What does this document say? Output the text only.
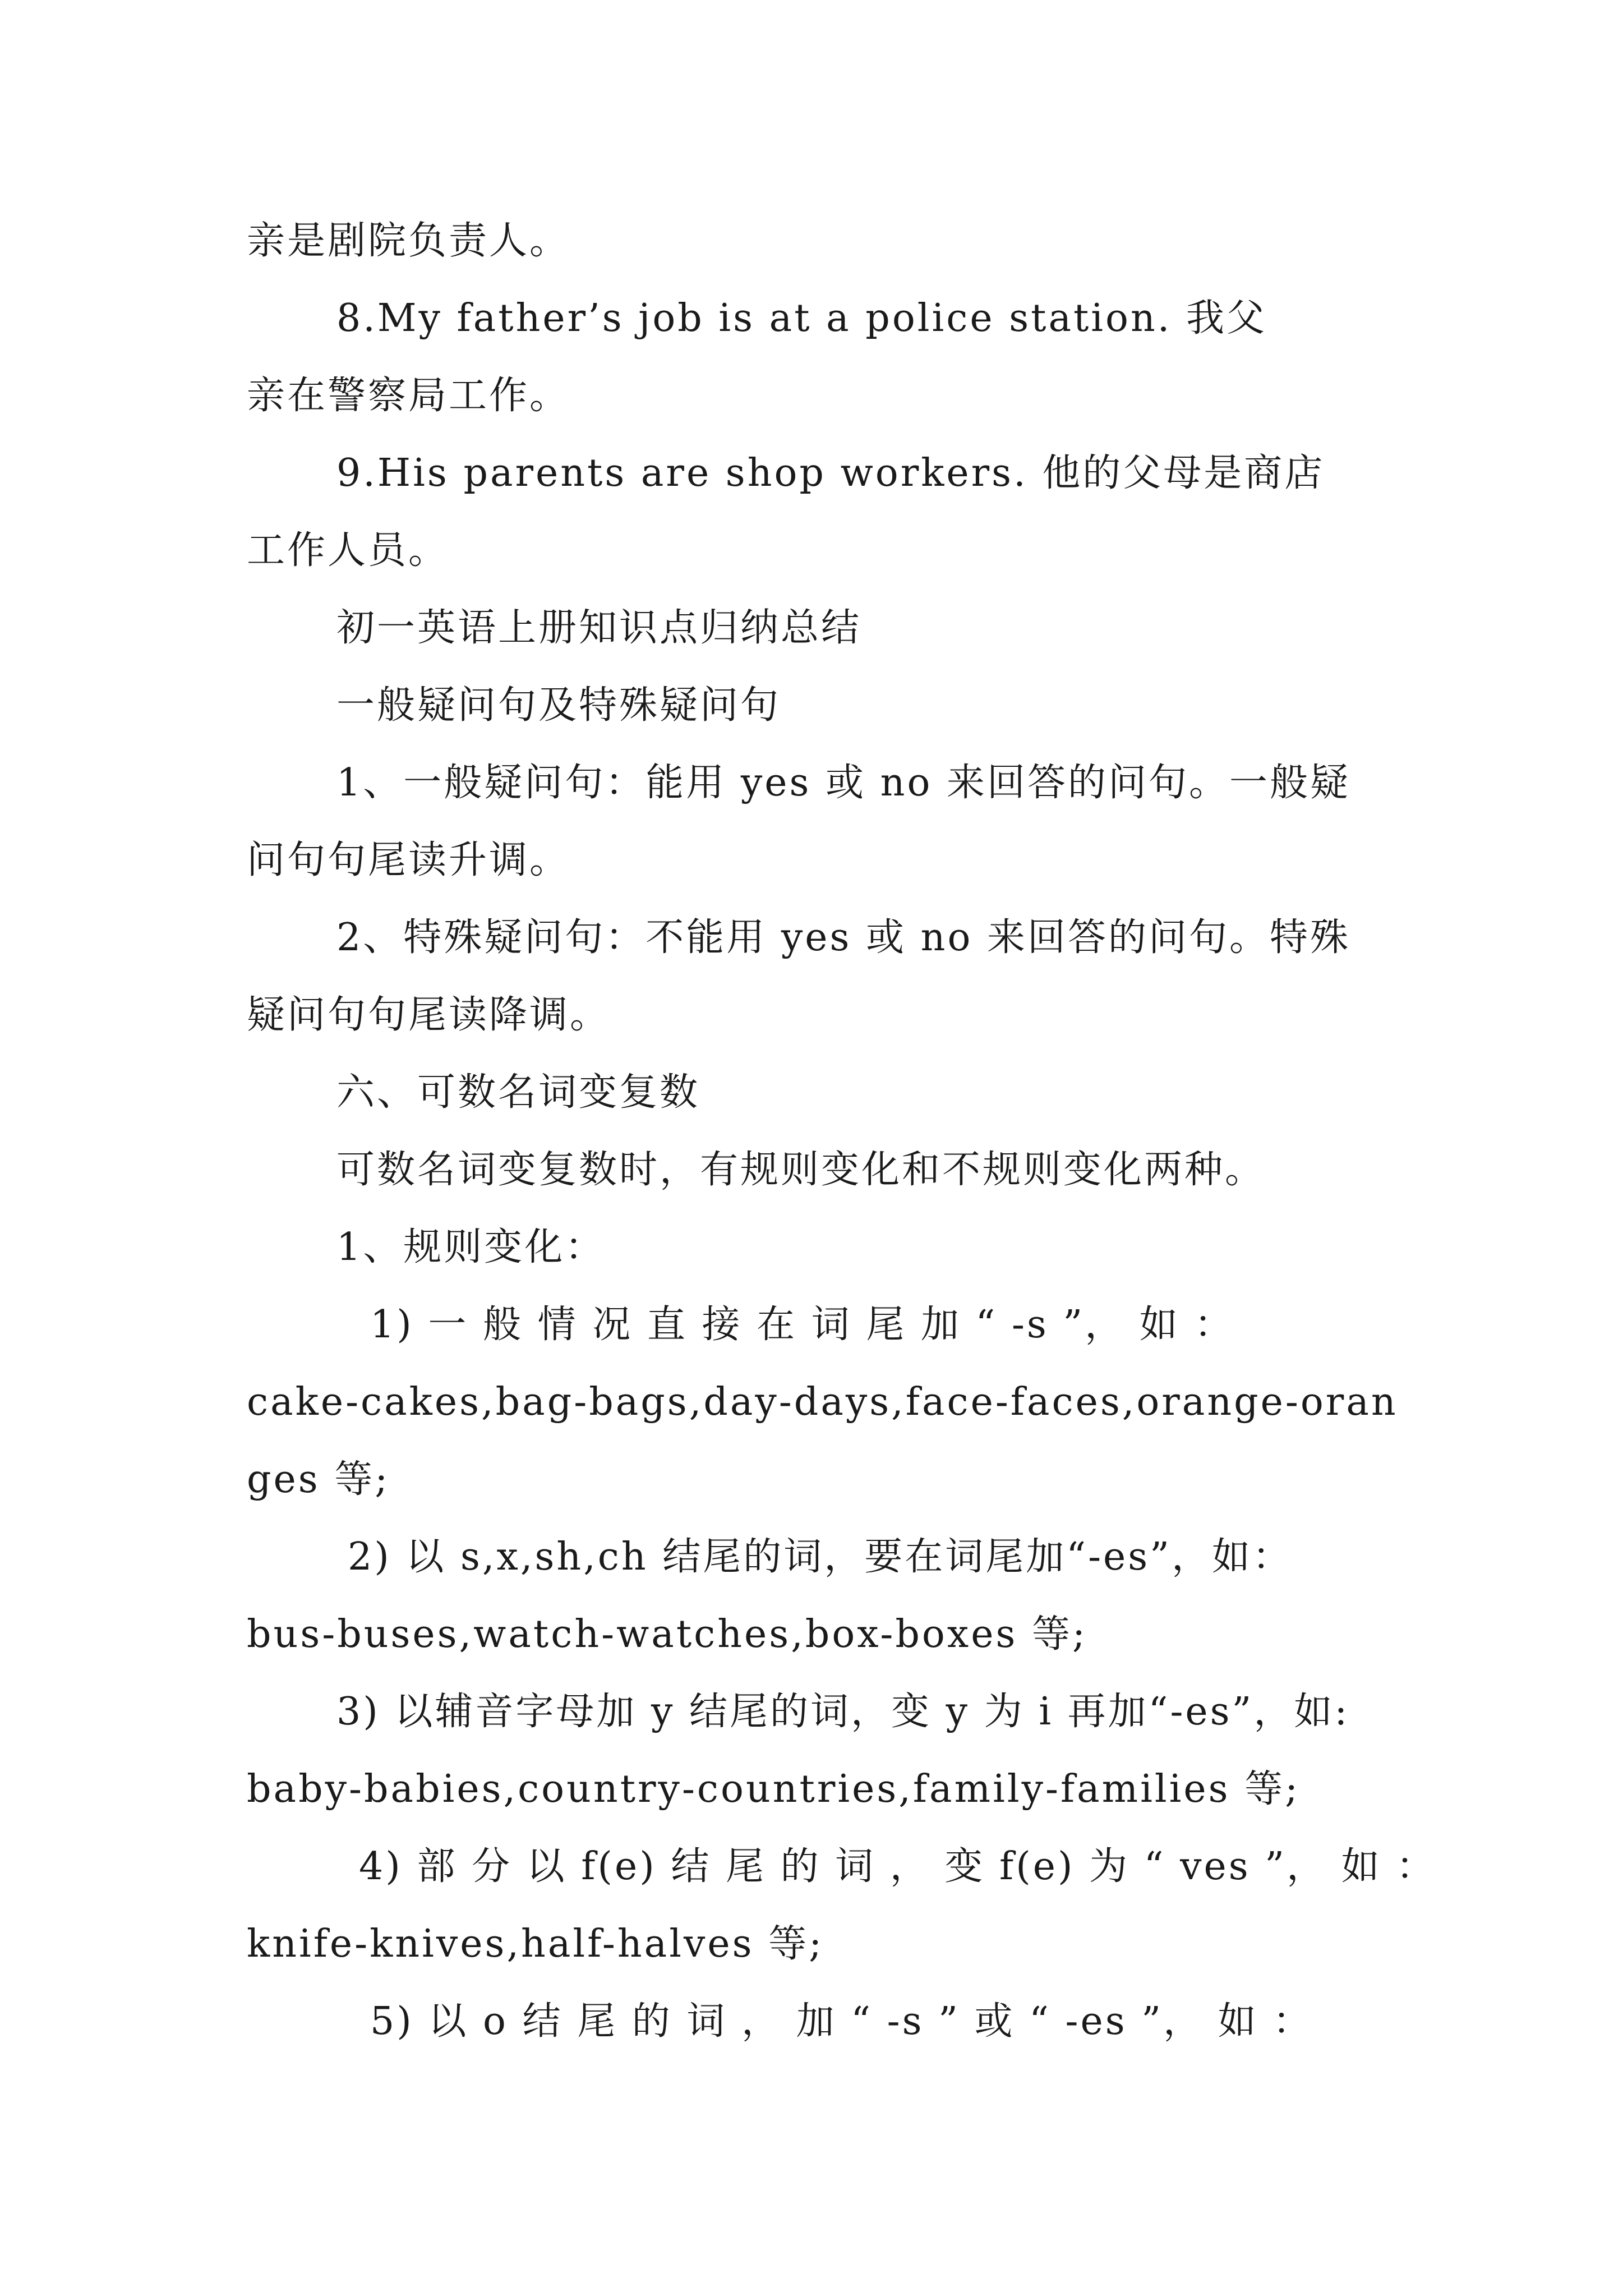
亲是剧院负责人。
8.My father’s job is at a police station. 我父
亲在警察局工作。
9.His parents are shop workers. 他的父母是商店
工作人员。
初一英语上册知识点归纳总结
一般疑问句及特殊疑问句
1、一般疑问句：能用 yes 或 no 来回答的问句。一般疑
问句句尾读升调。
2、特殊疑问句：不能用 yes 或 no 来回答的问句。特殊
疑问句句尾读降调。
六、可数名词变复数
可数名词变复数时，有规则变化和不规则变化两种。
1、规则变化：
1) 一 般 情 况 直 接 在 词 尾 加 “ -s ”， 如 ：
cake-cakes,bag-bags,day-days,face-faces,orange-oran
ges 等;
2) 以 s,x,sh,ch 结尾的词，要在词尾加“-es”，如：
bus-buses,watch-watches,box-boxes 等;
3) 以辅音字母加 y 结尾的词，变 y 为 i 再加“-es”，如:
baby-babies,country-countries,family-families 等;
4) 部 分 以 f(e) 结 尾 的 词 ， 变 f(e) 为 “ ves ”， 如 ：
knife-knives,half-halves 等;
5) 以 o 结 尾 的 词 ， 加 “ -s ” 或 “ -es ”， 如 ：
